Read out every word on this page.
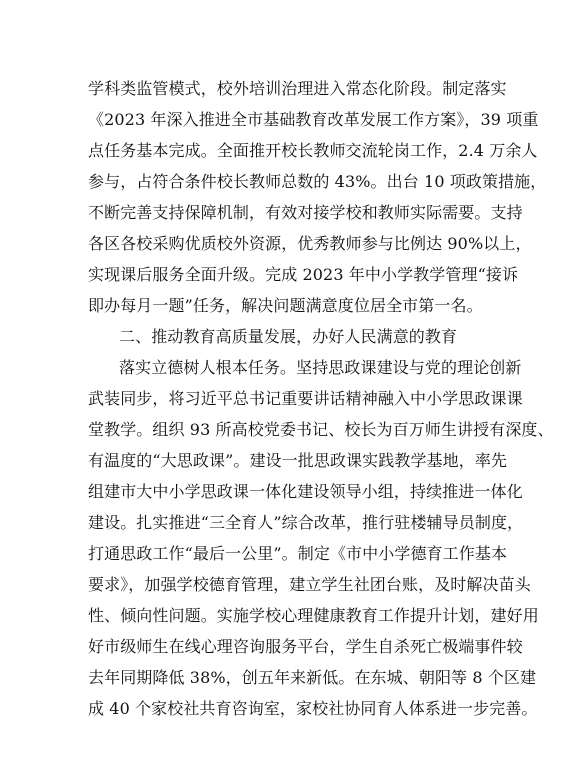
学科类监管模式，校外培训治理进入常态化阶段。制定落实
《2023 年深入推进全市基础教育改革发展工作方案》，39 项重
点任务基本完成。全面推开校长教师交流轮岗工作，2.4 万余人
参与，占符合条件校长教师总数的 43%。出台 10 项政策措施，
不断完善支持保障机制，有效对接学校和教师实际需要。支持
各区各校采购优质校外资源，优秀教师参与比例达 90%以上，
实现课后服务全面升级。完成 2023 年中小学教学管理“接诉
即办每月一题”任务，解决问题满意度位居全市第一名。
二、推动教育高质量发展，办好人民满意的教育
落实立德树人根本任务。坚持思政课建设与党的理论创新
武装同步，将习近平总书记重要讲话精神融入中小学思政课课
堂教学。组织 93 所高校党委书记、校长为百万师生讲授有深度、
有温度的“大思政课”。建设一批思政课实践教学基地，率先
组建市大中小学思政课一体化建设领导小组，持续推进一体化
建设。扎实推进“三全育人”综合改革，推行驻楼辅导员制度，
打通思政工作“最后一公里”。制定《市中小学德育工作基本
要求》，加强学校德育管理，建立学生社团台账，及时解决苗头
性、倾向性问题。实施学校心理健康教育工作提升计划，建好用
好市级师生在线心理咨询服务平台，学生自杀死亡极端事件较
去年同期降低 38%，创五年来新低。在东城、朝阳等 8 个区建
成 40 个家校社共育咨询室，家校社协同育人体系进一步完善。
